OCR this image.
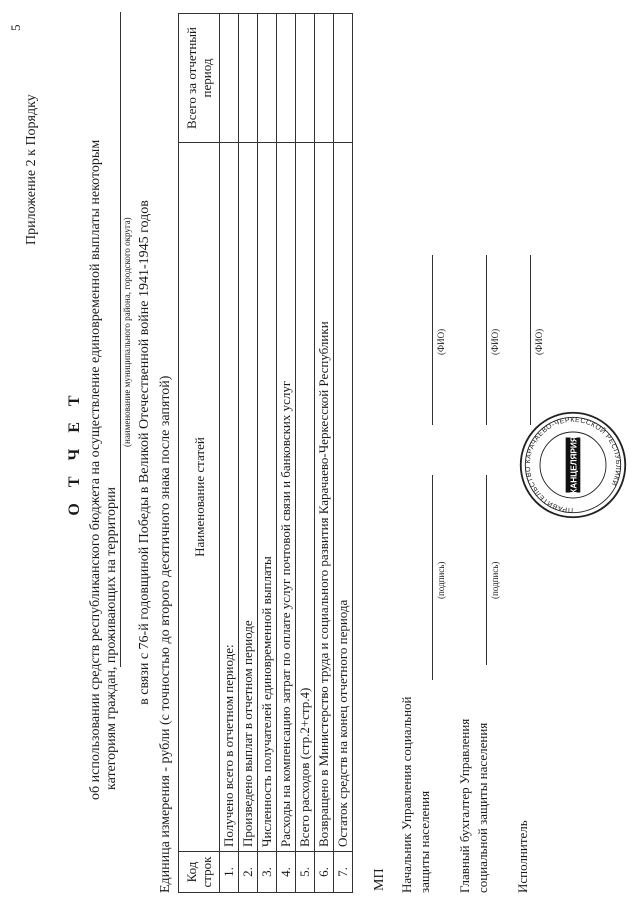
5
Приложение 2 к Порядку
О Т Ч Е Т об использовании средств республиканского бюджета на осуществление единовременной выплаты некоторым категориям граждан, проживающих на территории
(наименование муниципального района, городского округа) в связи с 76-й годовщиной Победы в Великой Отечественной войне 1941-1945 годов Единица измерения - рубли (с точностью до второго десятичного знака после запятой) Код строк	Наименование статей	Всего за отчетный период
1.	Получено всего в отчетном периоде:	
2.	Произведено выплат в отчетном периоде	
3.	Численность получателей единовременной выплаты	
4.	Расходы на компенсацию затрат по оплате услуг почтовой связи и банковских услуг	
5.	Всего расходов (стр.2+стр.4)	
6.	Возвращено в Министерство труда и социального развития Карачаево-Черкесской Республики	
7.	Остаток средств на конец отчетного периода	
МП Начальник Управления социальной защиты населения
(подпись)
(ФИО)
Главный бухгалтер Управления социальной защиты населения
(подпись)
(ФИО)
Исполнитель
(ФИО)
ПРАВИТЕЛЬСТВО КАРАЧАЕВО-ЧЕРКЕССКОЙ РЕСПУБЛИКИ
КАНЦЕЛЯРИЯ
